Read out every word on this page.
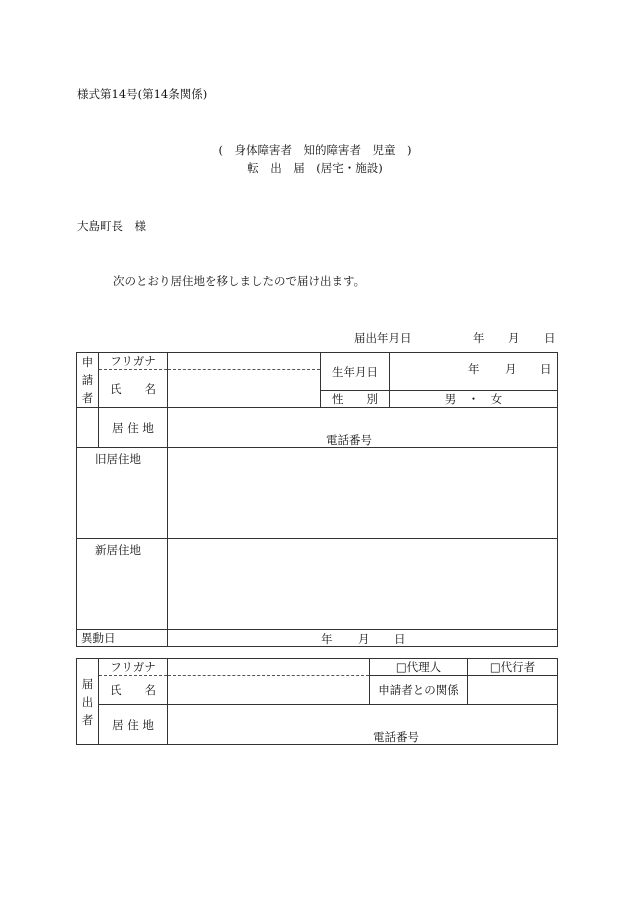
様式第14号(第14条関係)
(　身体障害者　知的障害者　児童　)
転　出　届　(居宅・施設)
大島町長　様
次のとおり居住地を移しましたので届け出ます。
届出年月日	年 月 日
申請者	フリガナ		生年月日	年 月 日

	氏　　名			
			性　　別	男　・　女
	居 住 地	電話番号		

旧居住地				
新居住地				
異動日		年 月 日		
届出者	フリガナ		□代理人	□代行者
	氏　　名		申請者との関係	
	居 住 地	電話番号		
